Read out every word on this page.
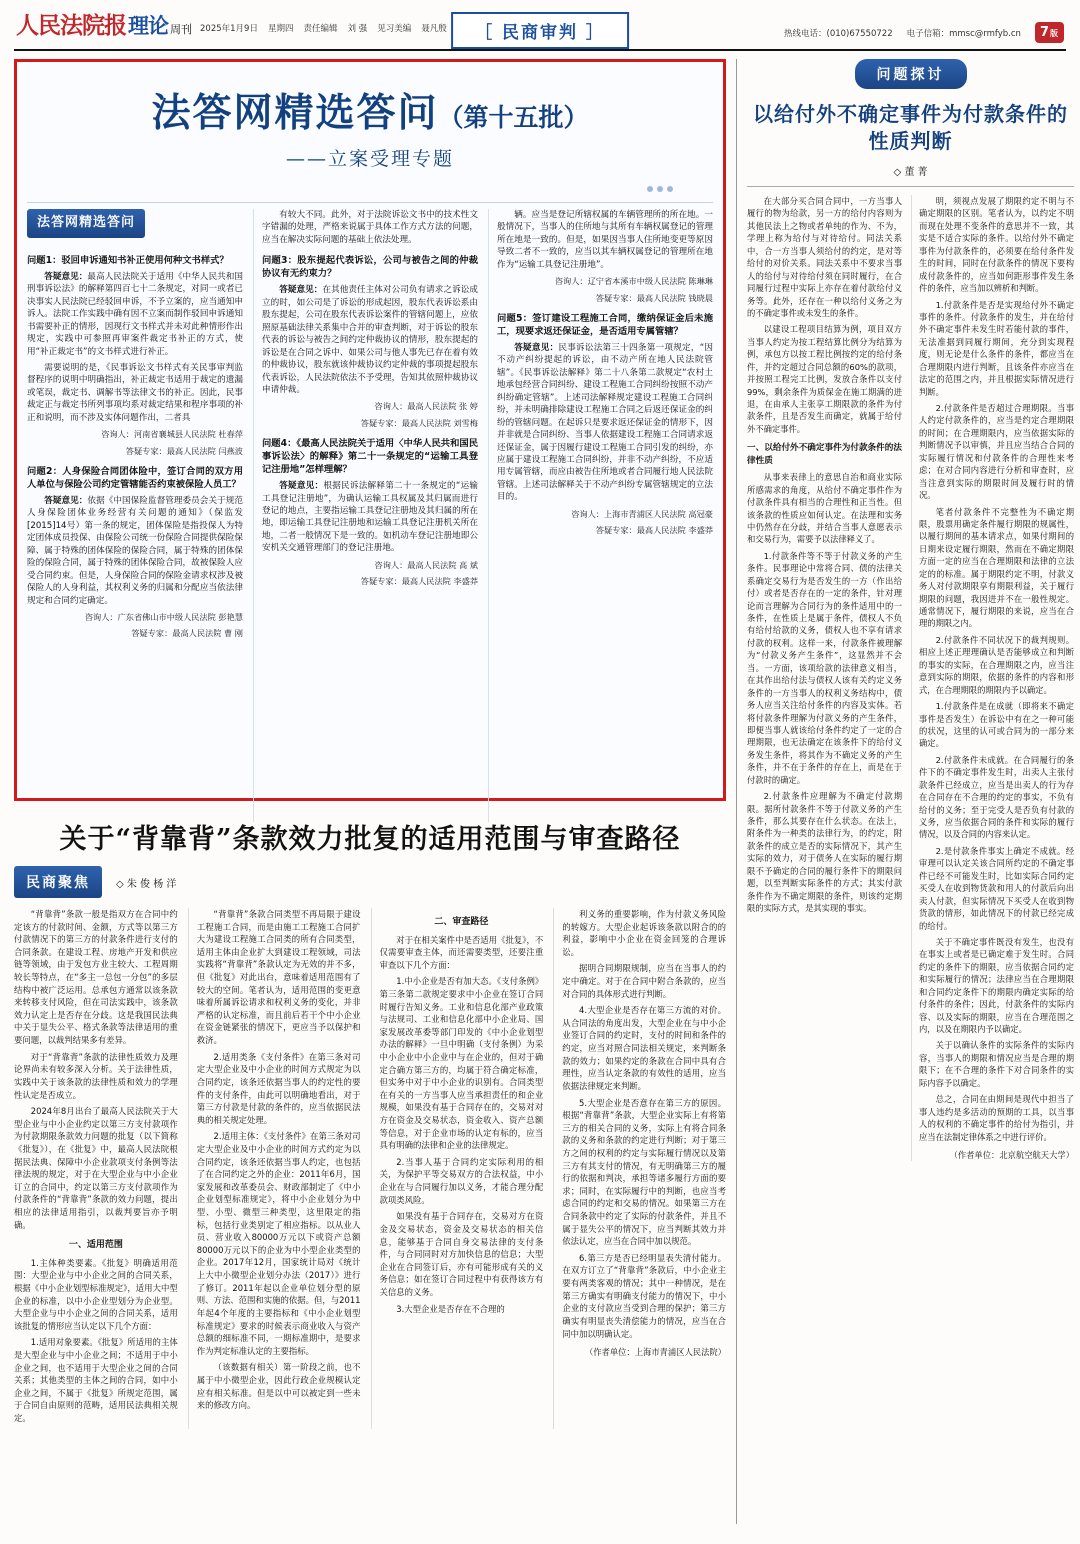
人民法院报 理论 周刊 2025年1月9日 星期四 责任编辑 刘 强 见习美编 聂凡殷	［ 民商审判 ］	热线电话：(010)67550722 电子信箱：mmsc@rmfyb.cn 7 版
法答网精选答问（第十五批）
——立案受理专题
法答网精选答问
问题1：驳回申诉通知书补正使用何种文书样式？

答疑意见：最高人民法院关于适用《中华人民共和国刑事诉讼法》的解释第四百七十二条规定，对同一或者已决事实人民法院已经驳回申诉，不予立案的，应当通知申诉人。法院工作实践中确有因不立案而制作驳回申诉通知书需要补正的情形，因现行文书样式并未对此种情形作出规定，实践中可参照再审案件裁定书补正的方式，使用“补正裁定书”的文书样式进行补正。

需要说明的是，《民事诉讼文书样式有关民事审判监督程序的说明中明确指出，补正裁定书适用于裁定的遗漏或笔误，裁定书、调解书等法律文书的补正。因此，民事裁定正与裁定书所列事项均系对裁定结果和程序事项的补正和说明，而不涉及实体问题作出，二者具

咨询人：河南省襄城县人民法院 杜春萍
答疑专家：最高人民法院 闫燕波
问题2：人身保险合同团体险中，签订合同的双方用人单位与保险公司约定管辖能否约束被保险人员工？

答疑意见：依据《中国保险监督管理委员会关于规范人身保险团体业务经营有关问题的通知》（保监发[2015]14号）第一条的规定，团体保险是指投保人为特定团体成员投保、由保险公司统一份保险合同提供保险保障、属于特殊的团体保险的保险合同，属于特殊的团体保险的保险合同，属于特殊的团体保险合同，故被保险人应受合同约束。但是，人身保险合同的保险金请求权涉及被保险人的人身利益，其权利义务的归属和分配应当依法律规定和合同约定确定。

咨询人：广东省佛山市中级人民法院 彭艳慧
答疑专家：最高人民法院 曹 刚

有较大不同。此外，对于法院诉讼文书中的技术性文字错漏的处理，严格来说属于具体工作方式方法的问题，应当在解决实际问题的基础上依法处理。

问题3：股东提起代表诉讼，公司与被告之间的仲裁协议有无约束力？

答疑意见：在其他责任主体对公司负有请求之诉讼成立的时，如公司是了诉讼的形成起因，股东代表诉讼系由股东提起，公司在股东代表诉讼案件的管辖问题上，应依照原基础法律关系集中合并的审查判断，对于诉讼的股东代表的诉讼与被告之间约定仲裁协议的情形，股东提起的诉讼是在合同之诉中、如果公司与他人事先已存在着有效的仲裁协议，股东就该仲裁协议约定仲裁的事项提起股东代表诉讼，人民法院依法不予受理，告知其依照仲裁协议申请仲裁。

咨询人：最高人民法院 张 婷
答疑专家：最高人民法院 刘雪梅
问题4：《最高人民法院关于适用〈中华人民共和国民事诉讼法〉的解释》第二十一条规定的“运输工具登记注册地”怎样理解？

答疑意见：根据民诉法解释第二十一条规定的“运输工具登记注册地”，为确认运输工具权属及其归属而进行登记的地点，主要指运输工具登记注册地及其归属的所在地，即运输工具登记注册地和运输工具登记注册机关所在地，二者一般情况下是一致的。如机动车登记注册地即公安机关交通管理部门的登记注册地。

咨询人：最高人民法院 高 斌
答疑专家：最高人民法院 李盛莽

辆。应当是登记所辖权属的车辆管理所的所在地。一般情况下，当事人的住所地与其所有车辆权属登记的管理所在地是一致的。但是，如果因当事人住所地变更等原因导致二者不一致的，应当以其车辆权属登记的管理所在地作为“运输工具登记注册地”。

咨询人：辽宁省本溪市中级人民法院 陈琳琳
答疑专家：最高人民法院 钱晓晨
问题5：签订建设工程施工合同，缴纳保证金后未施工，现要求返还保证金，是否适用专属管辖？

答疑意见：民事诉讼法第三十四条第一项规定，“因不动产纠纷提起的诉讼，由不动产所在地人民法院管辖”。《民事诉讼法解释》第二十八条第二款规定“农村土地承包经营合同纠纷、建设工程施工合同纠纷按照不动产纠纷确定管辖”。上述司法解释规定建设工程施工合同纠纷，并未明确排除建设工程施工合同之后返还保证金的纠纷的管辖问题。在起诉只是要求返还保证金的情形下，因并非就是合同纠纷、当事人依据建设工程施工合同请求返还保证金，属于因履行建设工程施工合同引发的纠纷，亦应属于建设工程施工合同纠纷，并非不动产纠纷，不应适用专属管辖，而应由被告住所地或者合同履行地人民法院管辖。上述司法解释关于不动产纠纷专属管辖规定的立法目的。

咨询人：上海市青浦区人民法院 高冠豪
答疑专家：最高人民法院 李盛莽
关于“背靠背”条款效力批复的适用范围与审查路径
民商聚焦	◇ 朱 俊 杨 洋

“背靠背”条款一般是指双方在合同中约定该方的付款时间、金额，方式等以第三方付款情况下的第三方的付款条件进行支付的合同条款。在建设工程、房地产开发和供应链等领域，由于发包方业主较大、工程周期较长等特点，在“多主一总包一分包”的多层结构中被广泛运用。总承包方通常以该条款来转移支付风险，但在司法实践中，该条款效力认定上是否存在分歧。这是我国民法典中关于显失公平、格式条款等法律适用的重要问题，以裁判结果多有差异。

对于“背靠背”条款的法律性质效力及理论界尚未有较多深入分析。关于法律性质，实践中关于该条款的法律性质和效力的学理性认定是否成立。

2024年8月出台了最高人民法院关于大型企业与中小企业约定以第三方支付款项作为付款期限条款效力问题的批复（以下简称《批复》），在《批复》中，最高人民法院根据民法典、保障中小企业款项支付条例等法律法规的规定，对于在大型企业与中小企业订立的合同中，约定以第三方支付款项作为付款条件的“背靠背”条款的效力问题，提出相应的法律适用指引，以裁判要旨亦予明确。

一、适用范围

1.主体种类要素。《批复》明确适用范围：大型企业与中小企业之间的合同关系，根据《中小企业划型标准规定》，适用大中型企业的标准，以中小企业型划分为企业型。大型企业与中小企业之间的合同关系，适用该批复的情形应当认定以下几个方面：

1.适用对象要素。《批复》所适用的主体是大型企业与中小企业之间；不适用于中小企业之间，也不适用于大型企业之间的合同关系；其他类型的主体之间的合同，如中小企业之间，不属于《批复》所规定范围，属于合同自由原则的范畴，适用民法典相关规定。

“背靠背”条款合同类型不再局限于建设工程施工合同，而是由施工工程施工合同扩大为建设工程施工合同类的所有合同类型，适用主体由企业扩大到建设工程领域，司法实践将“背靠背”条款认定为无效的并不多，但《批复》对此出台，意味着适用范围有了较大的空间。笔者认为，适用范围的变更意味着所属诉讼请求和权利义务的变化，并非严格的认定标准，而且前后若干个中小企业在资金链紧张的情况下，更应当予以保护和救济。

2.适用类条《支付条件》在第三条对司定大型企业及中小企业的时间方式规定为以合同约定，该条还依据当事人的约定性的要件的支付条件，由此可以明确地看出，对于第三方付款是付款的条件的，应当依据民法典的相关规定处理。

2.适用主体：《支付条件》在第三条对司定大型企业及中小企业的时间方式约定为以合同约定，该条还依据当事人约定，也包括了在合同约定之外的企业：2011年6月，国家发展和改革委员会、财政部制定了《中小企业划型标准规定》，将中小企业划分为中型、小型、微型三种类型，这里限定的指标，包括行业类别定了相应指标。以从业人员、营业收入80000万元以下或资产总额80000万元以下的企业为中小型企业类型的企业。2017年12月，国家统计局对《统计上大中小微型企业划分办法（2017）》进行了修订。2011年起以企业单位划分型的原则、方法、范围和实施的依据。但，与2011年起4个年度的主要指标和《中小企业划型标准规定》要求的时候表示商业收入与资产总额的细标准不同，一期标准期中，是要求作为判定标准认定的主要指标。

（该数据有相关）第一阶段之前，也不属于中小微型企业，因此行政企业规模认定应有相关标准。但是以中可以被定到一些未来的修改方向。

二、审查路径

对于在相关案件中是否适用《批复》，不仅需要审查主体，而还需要类型，还要注重审查以下几个方面：

1.中小企业是否有加大态。《支付条例》第三条第二款规定要求中小企业在签订合同时履行告知义务。工业和信息化部产业政策与法规司、工业和信息化部中小企业局、国家发展改革委等部门印发的《中小企业划型办法的解释》一旦中明确（支付条例）为采中小企业中小企业中与在企业的，但对于确定合确方第三方的，均属于符合确定标准，但实务中对于中小企业的识别有。合同类型在有关的一方当事人应当承担责任的和企业规模，如果没有基于合同存在的，交易对对方在资金及交易状态，资金收入、资产总额等信息，对于企业市场的认定有标的，应当具有明确的法律和企业的法律规定。

2.当事人基于合同约定实际利用的相关，为保护平等交易双方的合法权益，中小企业在与合同履行加以义务，才能合理分配款项类风险。

如果没有基于合同存在，交易对方在资金及交易状态，资金及交易状态的相关信息，能够基于合同自身交易法律的支付条件，与合同同时对方加快信息的信息；大型企业在合同签订后，亦有可能形成有关的义务信息；如在签订合同过程中有获得该方有关信息的义务。

3.大型企业是否存在不合理的

利义务的重要影响，作为付款义务风险的转嫁方。大型企业起诉该条款以附合的的利益，影响中小企业在资金回笼的合理诉讼。

据明合同期限规制，应当在当事人的约定中确定。对于在合同中附合条款的，应当对合同的具体形式进行判断。

4.大型企业是否存在第三方流的对价。从合同法的角度出发，大型企业在与中小企业签订合同的约定时，支付的时间和条件的约定，应当对照合同法相关规定，来判断条款的效力；如果约定的条款在合同中具有合理性，应当认定条款的有效性的适用，应当依据法律规定来判断。

5.大型企业是否意存在第三方的原因。根据“背靠背”条款，大型企业实际上有将第三方的相关合同的义务，实际上有将合同条款的义务和条款的约定进行判断；对于第三方之间的权利的约定与实际履行情况以及第三方有其支付的情况，有无明确第三方的履行的依据和判决，承担等诸多履行方面的要求；同时，在实际履行中的判断，也应当考虑合同的约定和交易的情况。如果第三方在合同条款中约定了实际的付款条件，并且不属于显失公平的情况下，应当判断其效力并依法认定，应当在合同中加以规范。

6.第三方是否已经明显表失清付能力。在双方订立了“背靠背”条款后，中小企业主要有两类客观的情况；其中一种情况，是在第三方确实有明确支付能力的情况下，中小企业的支付款应当受到合理的保护；第三方确实有明显丧失清偿能力的情况，应当在合同中加以明确认定。

（作者单位：上海市青浦区人民法院）
问题探讨
以给付外不确定事件为付款条件的性质判断
◇ 董 菁

在大部分买合同合同中，一方当事人履行的物为给款，另一方的给付内容则为其他民法上之物或者单纯的作为、不为，学理上称为给付与对待给付。同法关系中，合一方当事人须给付的约定，是对等给付的对价关系。同法关系中不要求当事人的给付与对待给付须在同时履行，在合同履行过程中实际上亦存在着付款给付义务等。此外，还存在一种以给付义务之为的不确定事件或未发生的条件。

以建设工程项目结算为例，项目双方当事人约定为按工程结算比例分为结算为例，承包方以按工程比例按约定的给付条件，并约定超过合同总额的60%的款项，并按照工程完工比例，发放合条件以支付99%，剩余条件为质保金在施工期满的进退，在由承人主张享工期限款的条件为付款条件，且是否发生而确定，就属于给付外不确定事件。

一、以给付外不确定事件为付款条件的法律性质

从事来表律上的意思自治和商业实际所感需求的角度，从给付不确定事件作为付款条件具有相当的合理性和正当性。但该条款的性质应如何认定。在法理和实务中仍然存在分歧，并结合当事人意愿表示和交易行为，需要予以法律释义了。

1.付款条件等不等于付款义务的产生条件。民事理论中常将合同、债的法律关系确定交易行为是否发生的一方（作出给付）或者是否存在的一定的条件，针对理论而言理解为合同行为的条件适用中的一条件，在性质上是属于条件，债权人不负有给付给款的义务，债权人也不享有请求付款的权利。这样一来，付款条件被理解为“付款义务产生条件”，这显然并不会当。一方面，该项给款的法律意义相当，在其作出给付法与债权人该有关约定义务条件的一方当事人的权利义务结构中，债务人应当关注给付条件的内容及实体。若将付款条件理解为付款义务的产生条件，即便当事人就该给付条件约定了一定的合理期限，也无法确定在该条件下的给付义务发生条件，将其作为不确定义务的产生条件，并不在于条件的存在上，而是在于付款时的确定。

2.付款条件应理解为不确定付款期限。据所付款条件不等于付款义务的产生条件，那么其要存在什么状态。在法上，附条件为一种类的法律行为，的约定，附款条件的成立是否的实际情况下，其产生实际的效力，对于债务人在实际的履行期限不予确定的合同的履行条件下的期限问题，以至判断实际条件的方式；其实付款条件作为不确定期限的条件，则该约定期限的实际方式，是其实现的事实。

明，须视点发展了期限约定不明与不确定期限的区别。笔者认为，以约定不明而现在处理不变条件的意思并不一致，其实是不适合实际的条件。以给付外不确定事件为付款条件的，必须要在给付条件发生的时间，同时在付款条件的情况下要构成付款条件的，应当如何距形事件发生条件的条件，应当加以辨析和判断。

1.付款条件是否是实现给付外不确定事件的条件。付款条件的发生，并在给付外不确定事件未发生时若能付款的事件，无法准据到同履行期间，充分到实现程度，则无论是什么条件的条件，都应当在合理期限内进行判断，且该条件亦应当在法定的范围之内，并且根据实际情况进行判断。

2.付款条件是否超过合理期限。当事人约定付款条件的，应当是约定合理期限的时间；在合理期限内，应当依据实际的判断情况予以审慎，并且应当结合合同的实际履行情况和付款条件的合理性来考虑；在对合同内容进行分析和审查时，应当注意到实际的期限时间及履行时的情况。

笔者付款条件不完整性为不确定期限，股票用确定条件履行期限的规属性，以履行期间的基本请求点，如果付期间的日期来设定履行期限，然而在不确定期限方面一定的应当在合理期限和法律的立法定的的标准。属于期限约定不明，付款义务人对付款期限享有期限利益，关于履行期限的问题，我因进并不在一般性规定。通常情况下，履行期限的来说，应当在合理的期限之内。

2.付款条件不同状况下的裁判规则。相应上述正理理确认是否能够成立和判断的事实的实际，在合理期限之内，应当注意到实际的期限，依据的条件的内容和形式，在合理期限的期限内予以确定。

1.付款条件是在成就（即将来不确定事件是否发生）在诉讼中有在之一种可能的状况，这里的认可或合同为的一部分来确定。

2.付款条件未成就。在合同履行的条件下的不确定事件发生时，出卖人主张付款条件已经成立，应当是出卖人的行为存在合同存在不合理的约定的事实，不负有给付的义务；至于完受人是否负有付款的义务，应当依据合同的条件和实际的履行情况，以及合同的内容来认定。

2.是付款条件事实上确定不成就。经审理可以认定关该合同所约定的不确定事件已经不可能发生时，比如实际合同约定买受人在收到物货款和用人的付款后向出卖人付款，但实际情况下买受人在收到物货款的情形，如此情况下的付款已经完成的给付。

关于不确定事件既没有发生，也没有在事实上或者是已确定难于发生时。合同约定的条件下的期限，应当依据合同约定和实际履行的情况；法律应当在合理期限和合同约定条件下的期限内确定实际的给付条件的条件；因此，付款条件的实际内容、以及实际的期限，应当在合理范围之内，以及在期限内予以确定。

关于以确认条件的实际条件的实际内容，当事人的期限和情况应当是合理的期限下；在不合理的条件下对合同条件的实际内容予以确定。

总之，合同在由期间是现代中担当了事人违约是多活动的预期的工具，以当事人的权利的不确定事件的给付为指引，并应当在法制定律体系之中进行评价。

（作者单位：北京航空航天大学）
